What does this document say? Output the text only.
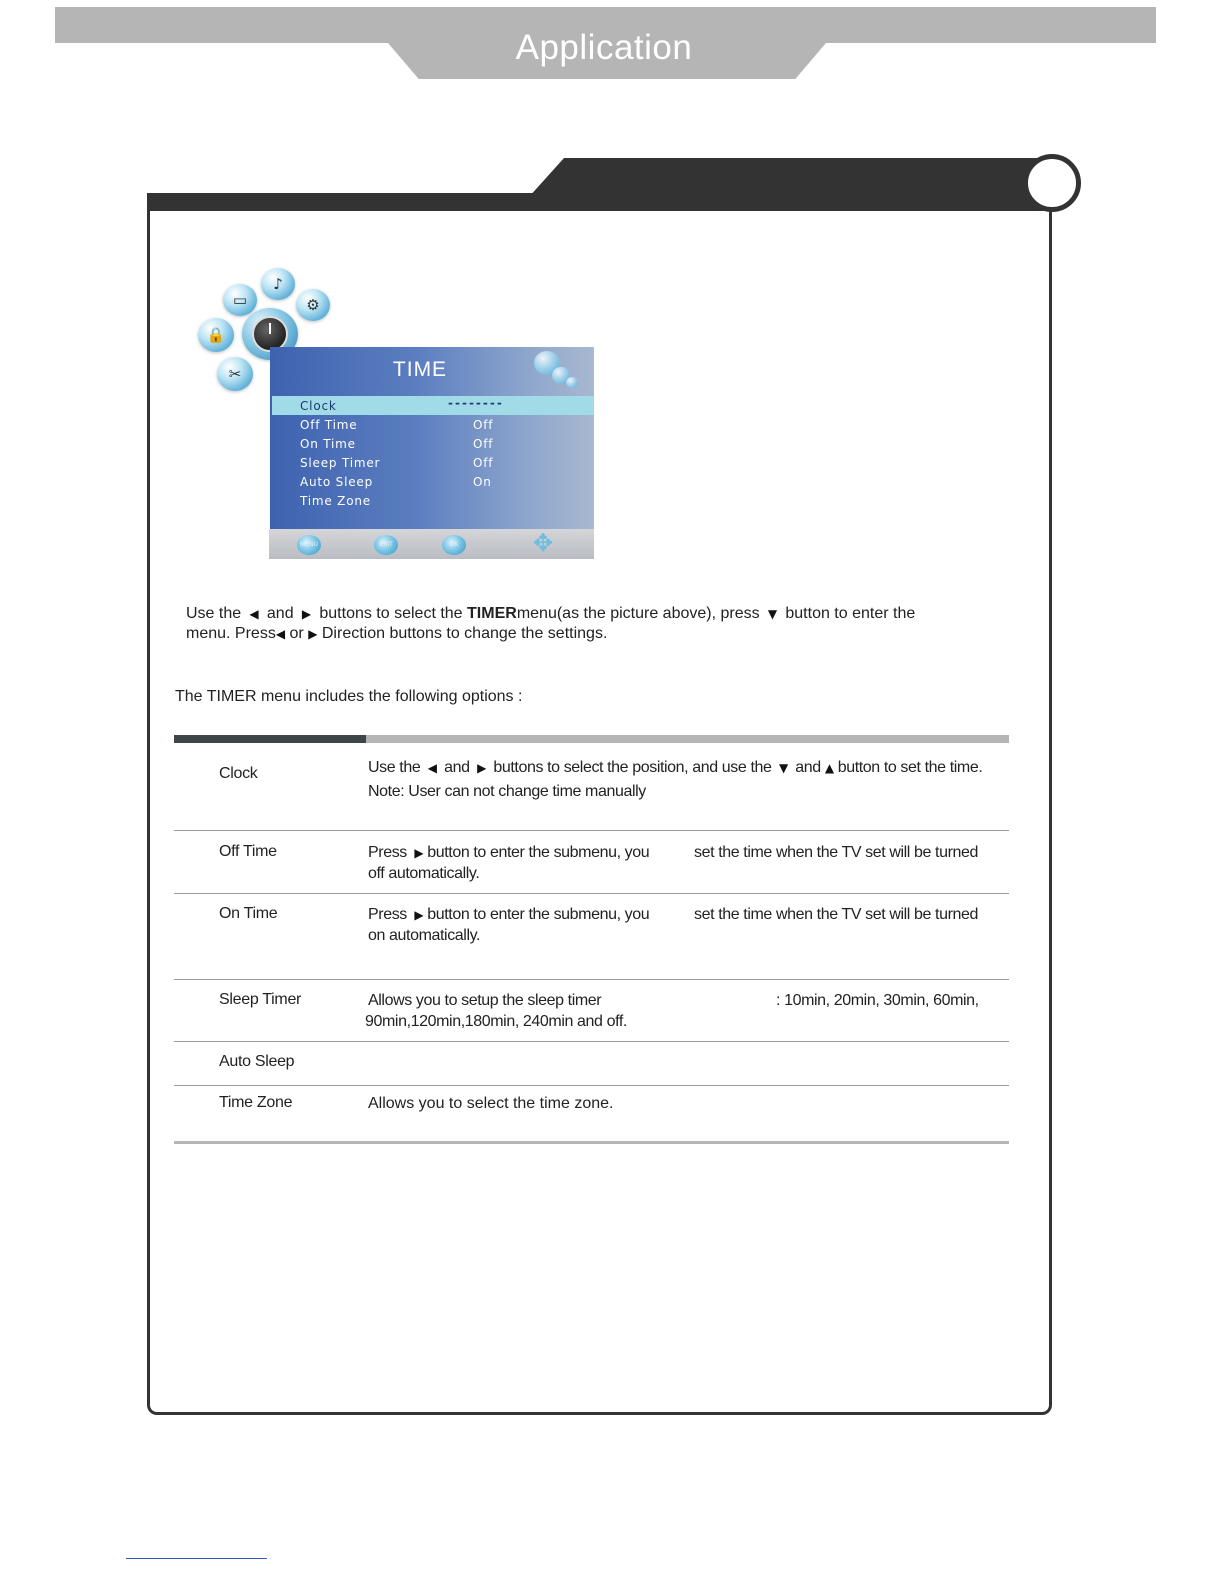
Application
▭
♪
⚙
🔒
✂	TIME
Clock	--------
Off Time	Off
On Time	Off
Sleep Timer	Off
Auto Sleep	On
Time Zone
MENU	EXIT	OK	✥
Use the  ◀  and  ▶  buttons to select the TIMERmenu(as the picture above), press  ▼  button to enter the
menu. Press◀ or ▶ Direction buttons to change the settings.
The TIMER menu includes the following options :
Clock	Use the  ◀  and  ▶  buttons to select the position, and use the  ▼  and ▲ button to set the time.
Note: User can not change time manually
Off Time	Press  ▶ button to enter the submenu, you	set the time when the TV set will be turned
off automatically.
On Time	Press  ▶ button to enter the submenu, you	set the time when the TV set will be turned
on automatically.
Sleep Timer	Allows you to setup the sleep timer	: 10min, 20min, 30min, 60min,
90min,120min,180min, 240min and off.
Auto Sleep
Time Zone	Allows you to select the time zone.
